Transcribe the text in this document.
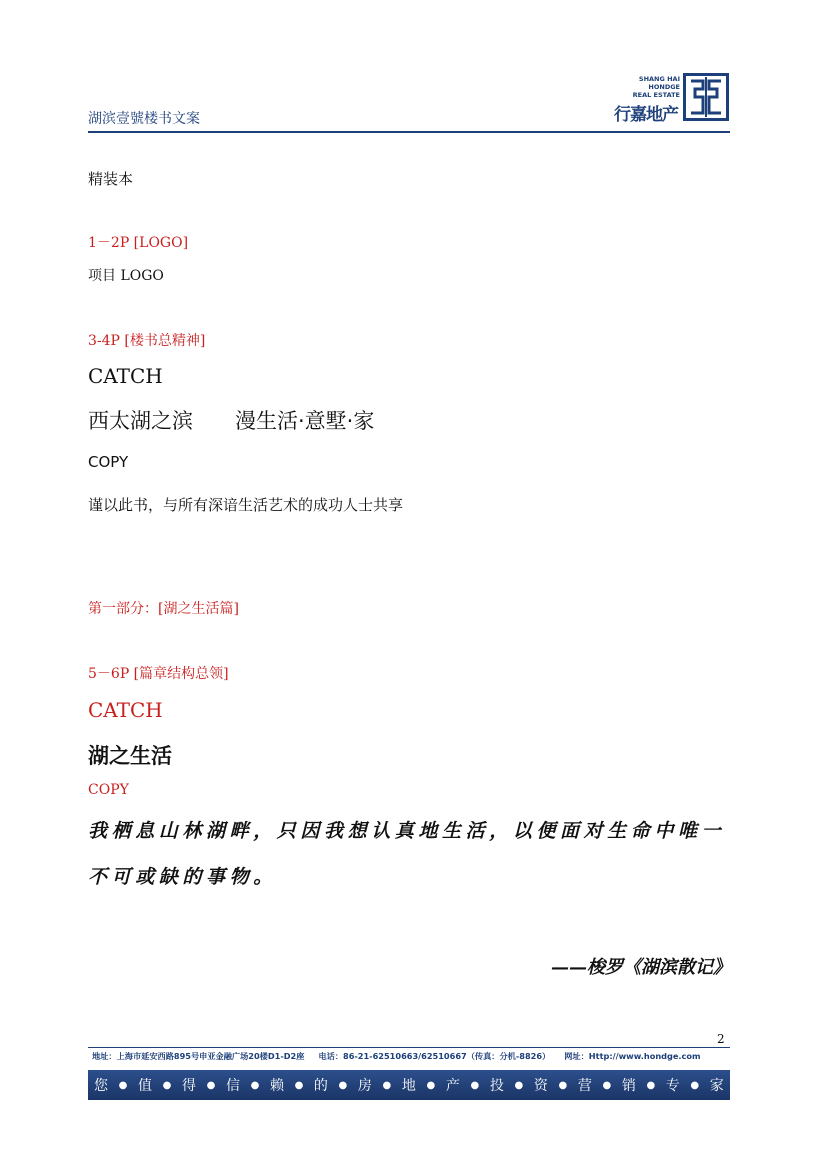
湖滨壹號楼书文案
SHANG HAI
HONDGE
REAL ESTATE
行嘉地产
精装本
1－2P [LOGO]
项目 LOGO
3-4P [楼书总精神]
CATCH
西太湖之滨 漫生活·意墅·家
COPY
谨以此书，与所有深谙生活艺术的成功人士共享
第一部分：[湖之生活篇]
5－6P [篇章结构总领]
CATCH
湖之生活
COPY
我栖息山林湖畔，只因我想认真地生活，以便面对生命中唯一不可或缺的事物。
——梭罗《湖滨散记》
2
地址：上海市延安西路895号申亚金融广场20楼D1-D2座 电话：86-21-62510663/62510667（传真：分机-8826） 网址：Http://www.hondge.com
您 ● 值 ● 得 ● 信 ● 赖 ● 的 ● 房 ● 地 ● 产 ● 投 ● 资 ● 营 ● 销 ● 专 ● 家
